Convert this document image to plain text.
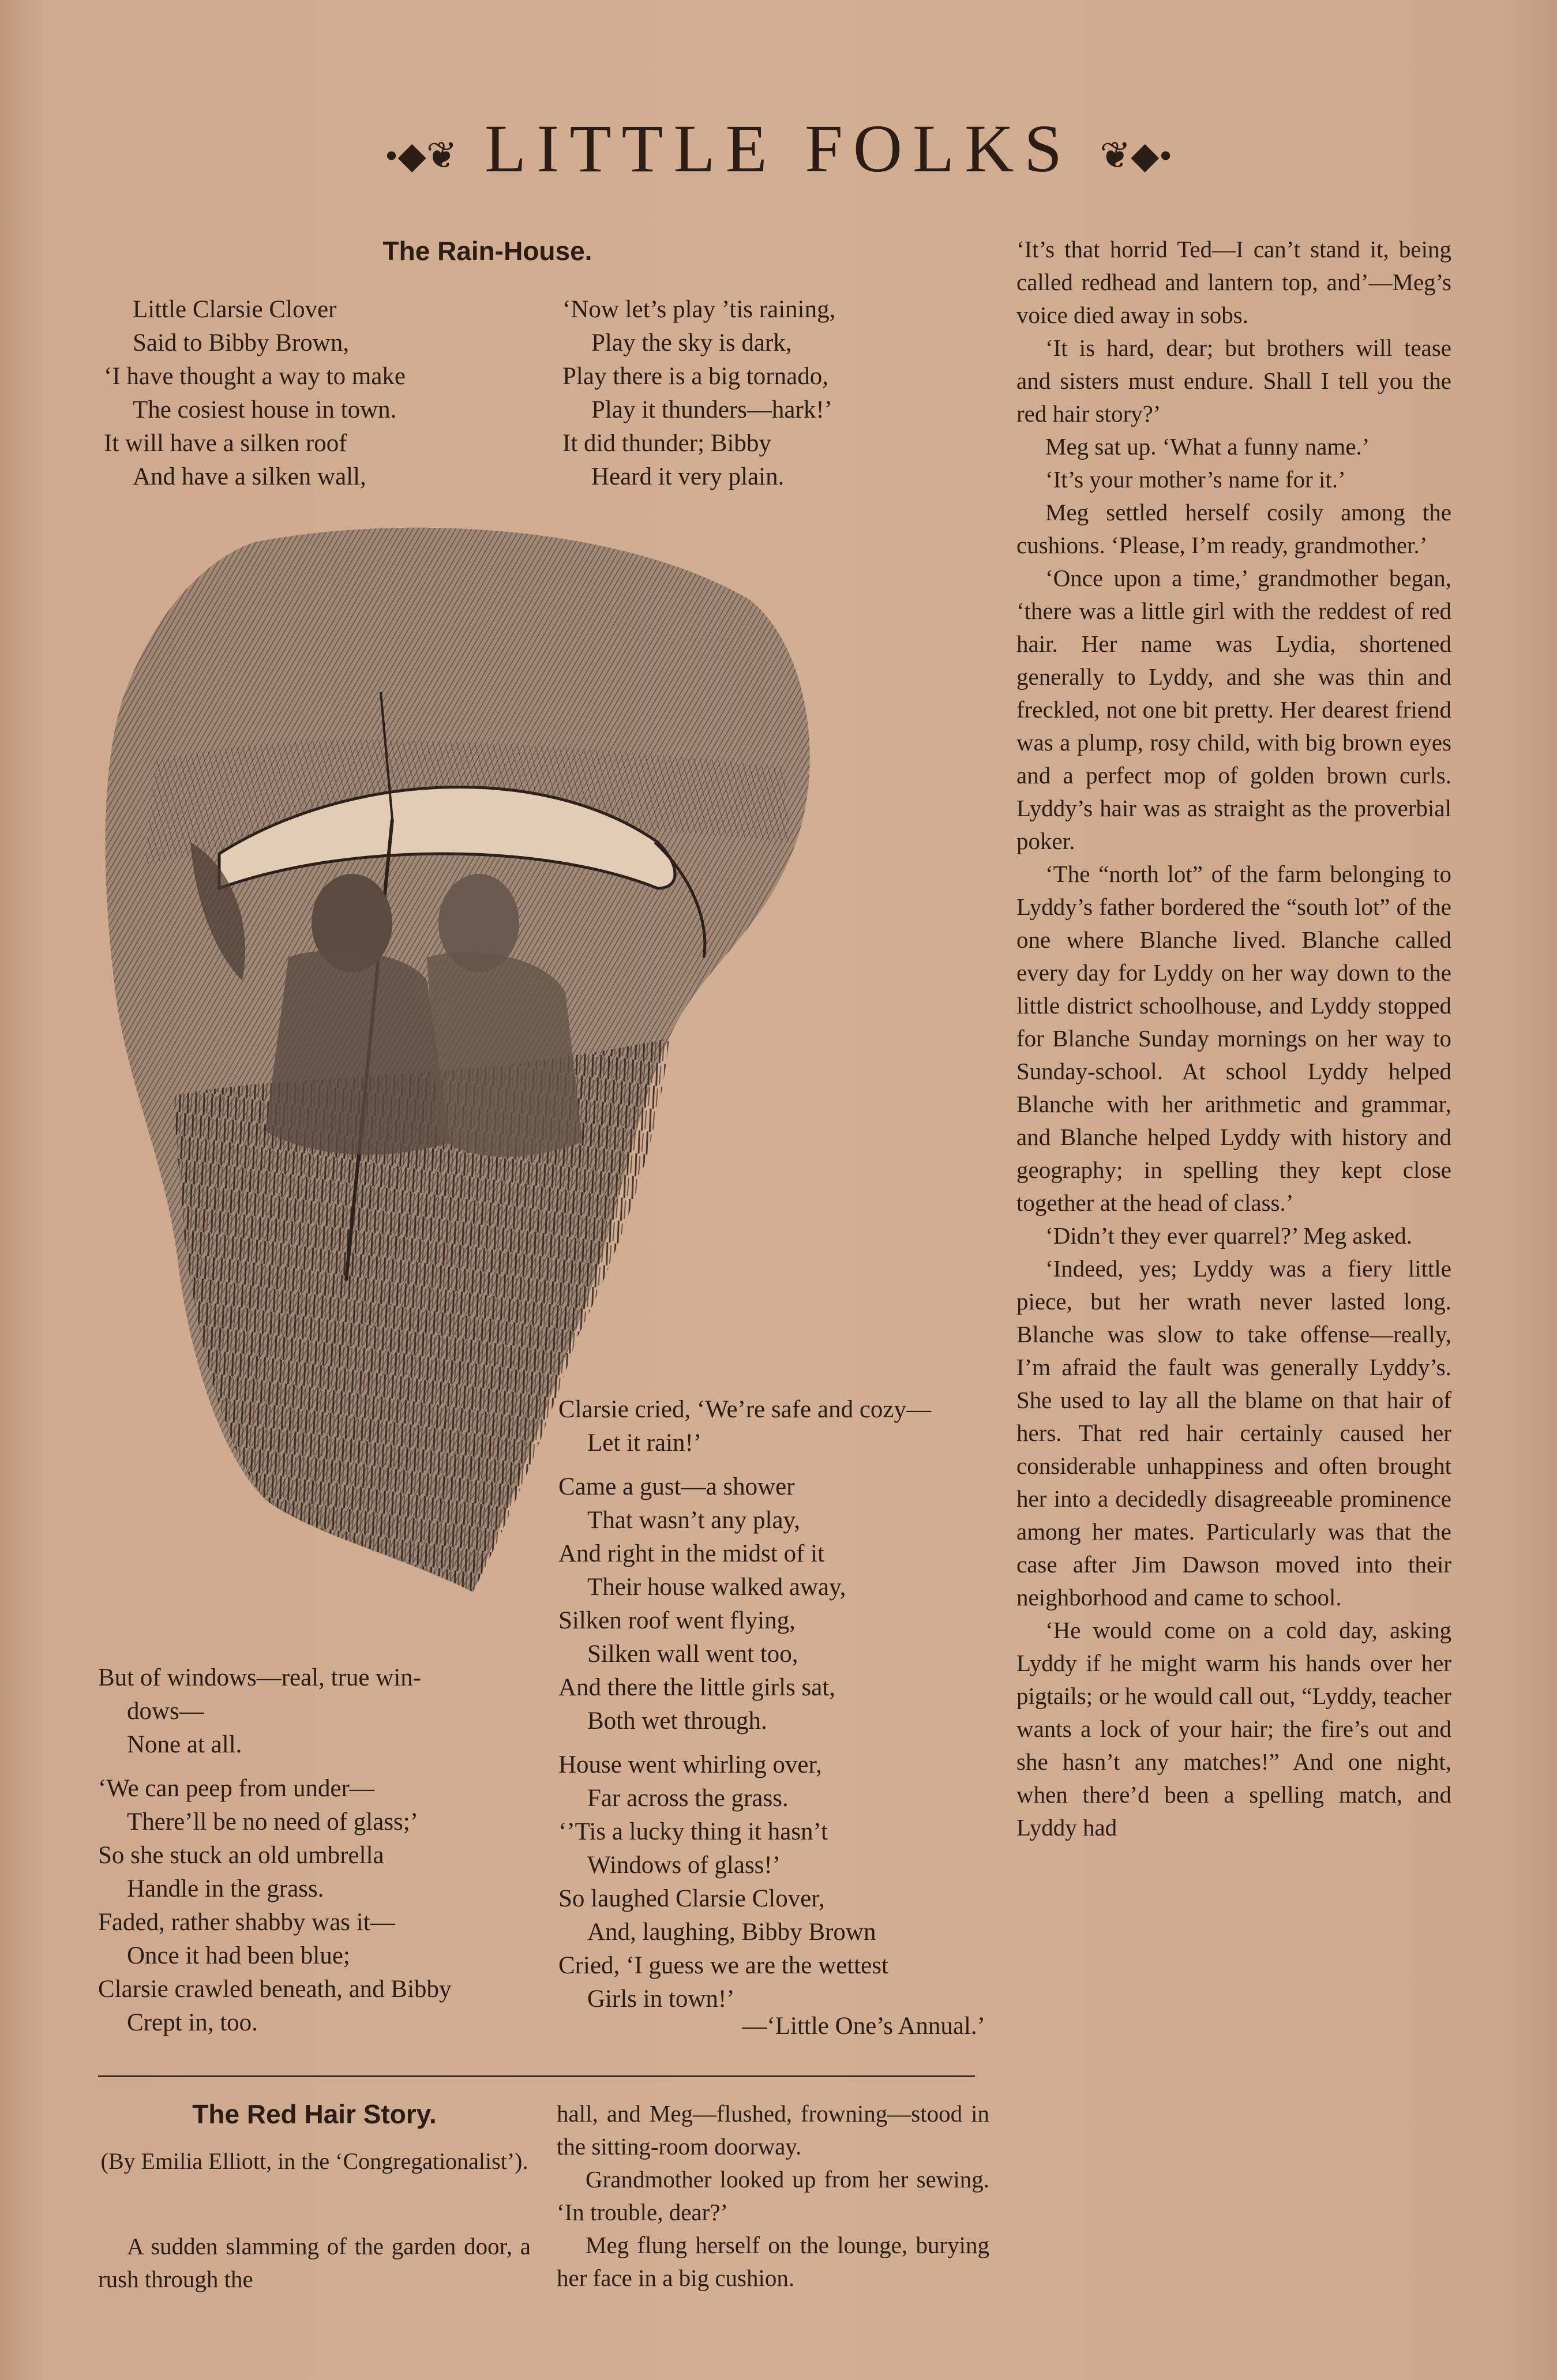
•◆❦ LITTLE FOLKS ❦◆•
The Rain-House.
Little Clarsie Clover
Said to Bibby Brown,
‘I have thought a way to make
The cosiest house in town.
It will have a silken roof
And have a silken wall,
‘Now let’s play ’tis raining,
Play the sky is dark,
Play there is a big tornado,
Play it thunders—hark!’
It did thunder; Bibby
Heard it very plain.
But of windows—real, true win-
dows—
None at all.
‘We can peep from under—
There’ll be no need of glass;’
So she stuck an old umbrella
Handle in the grass.
Faded, rather shabby was it—
Once it had been blue;
Clarsie crawled beneath, and Bibby
Crept in, too.
Clarsie cried, ‘We’re safe and cozy—
Let it rain!’
Came a gust—a shower
That wasn’t any play,
And right in the midst of it
Their house walked away,
Silken roof went flying,
Silken wall went too,
And there the little girls sat,
Both wet through.
House went whirling over,
Far across the grass.
‘’Tis a lucky thing it hasn’t
Windows of glass!’
So laughed Clarsie Clover,
And, laughing, Bibby Brown
Cried, ‘I guess we are the wettest
Girls in town!’
—‘Little One’s Annual.’
The Red Hair Story.
(By Emilia Elliott, in the ‘Congregationalist’).

A sudden slamming of the garden door, a rush through the

hall, and Meg—flushed, frowning—stood in the sitting-room doorway.

Grandmother looked up from her sewing. ‘In trouble, dear?’

Meg flung herself on the lounge, burying her face in a big cushion.

‘It’s that horrid Ted—I can’t stand it, being called redhead and lantern top, and’—Meg’s voice died away in sobs.

‘It is hard, dear; but brothers will tease and sisters must endure. Shall I tell you the red hair story?’

Meg sat up. ‘What a funny name.’

‘It’s your mother’s name for it.’

Meg settled herself cosily among the cushions. ‘Please, I’m ready, grandmother.’

‘Once upon a time,’ grandmother began, ‘there was a little girl with the reddest of red hair. Her name was Lydia, shortened generally to Lyddy, and she was thin and freckled, not one bit pretty. Her dearest friend was a plump, rosy child, with big brown eyes and a perfect mop of golden brown curls. Lyddy’s hair was as straight as the proverbial poker.

‘The “north lot” of the farm belonging to Lyddy’s father bordered the “south lot” of the one where Blanche lived. Blanche called every day for Lyddy on her way down to the little district schoolhouse, and Lyddy stopped for Blanche Sunday mornings on her way to Sunday-school. At school Lyddy helped Blanche with her arithmetic and grammar, and Blanche helped Lyddy with history and geography; in spelling they kept close together at the head of class.’

‘Didn’t they ever quarrel?’ Meg asked.

‘Indeed, yes; Lyddy was a fiery little piece, but her wrath never lasted long. Blanche was slow to take offense—really, I’m afraid the fault was generally Lyddy’s. She used to lay all the blame on that hair of hers. That red hair certainly caused her considerable unhappiness and often brought her into a decidedly disagreeable prominence among her mates. Particularly was that the case after Jim Dawson moved into their neighborhood and came to school.

‘He would come on a cold day, asking Lyddy if he might warm his hands over her pigtails; or he would call out, “Lyddy, teacher wants a lock of your hair; the fire’s out and she hasn’t any matches!” And one night, when there’d been a spelling match, and Lyddy had
